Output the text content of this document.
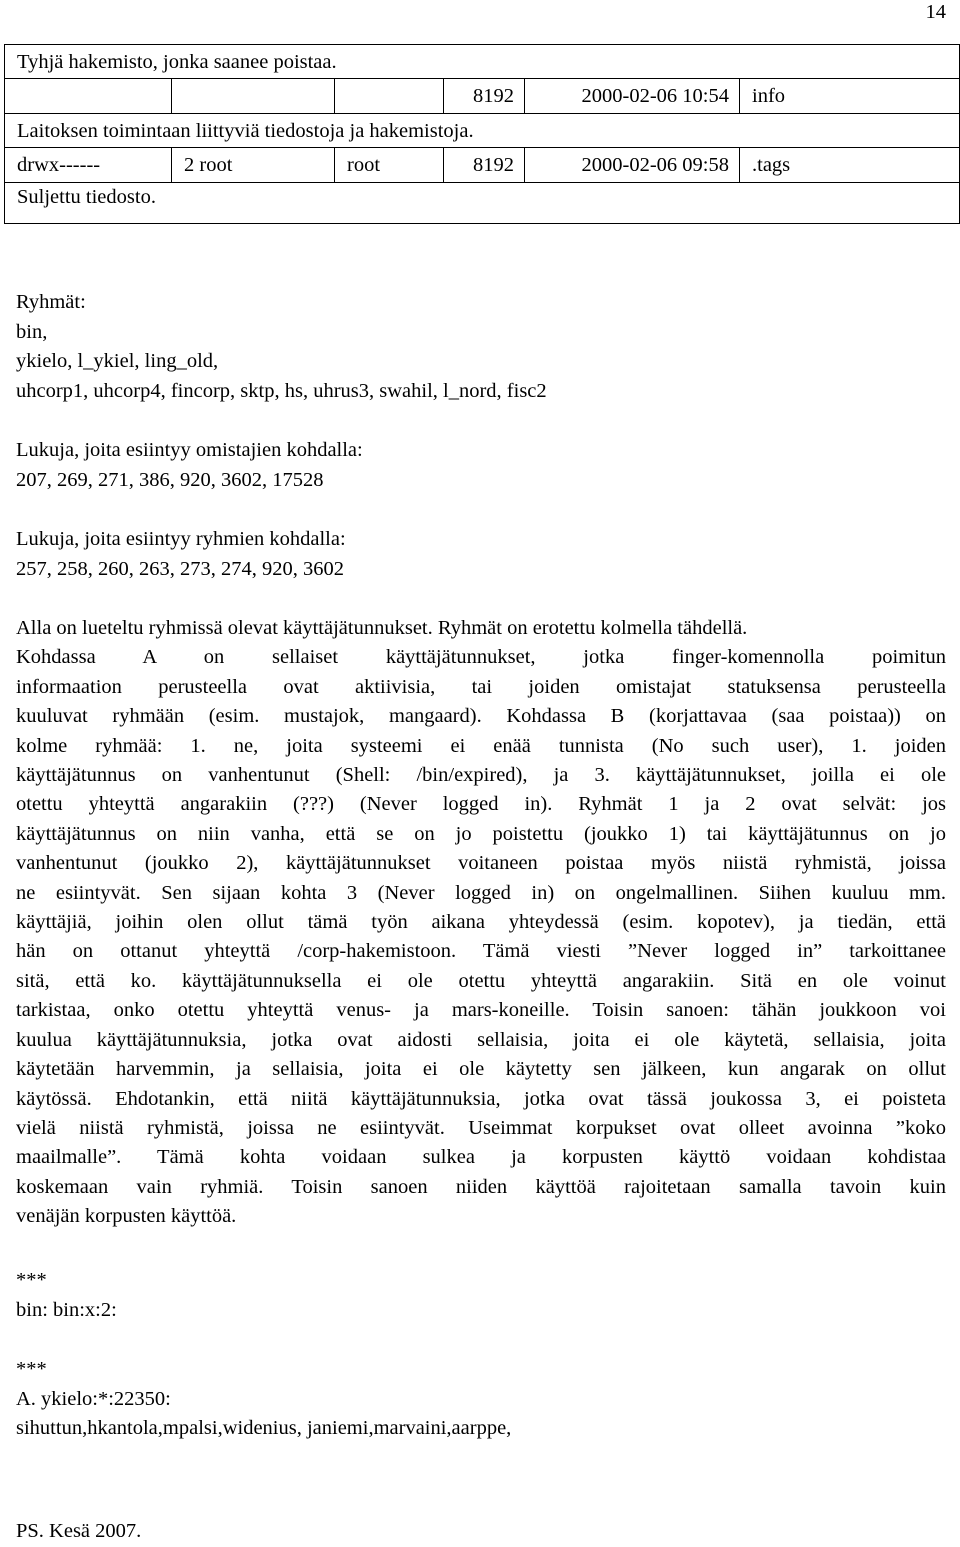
14
Tyhjä hakemisto, jonka saanee poistaa.					
			8192	2000-02-06 10:54	info
Laitoksen toimintaan liittyviä tiedostoja ja hakemistoja.					
drwx------	2 root	root	8192	2000-02-06 09:58	.tags
Suljettu tiedosto.					
Ryhmät:
bin,
ykielo, l_ykiel, ling_old,
uhcorp1, uhcorp4, fincorp, sktp, hs, uhrus3, swahil, l_nord, fisc2
Lukuja, joita esiintyy omistajien kohdalla:
207, 269, 271, 386, 920, 3602, 17528
Lukuja, joita esiintyy ryhmien kohdalla:
257, 258, 260, 263, 273, 274, 920, 3602
Alla on lueteltu ryhmissä olevat käyttäjätunnukset. Ryhmät on erotettu kolmella tähdellä.
Kohdassa A on sellaiset käyttäjätunnukset, jotka finger-komennolla poimitun
informaation perusteella ovat aktiivisia, tai joiden omistajat statuksensa perusteella
kuuluvat ryhmään (esim. mustajok, mangaard). Kohdassa B (korjattavaa (saa poistaa)) on
kolme ryhmää: 1. ne, joita systeemi ei enää tunnista (No such user), 1. joiden
käyttäjätunnus on vanhentunut (Shell: /bin/expired), ja 3. käyttäjätunnukset, joilla ei ole
otettu yhteyttä angarakiin (???) (Never logged in). Ryhmät 1 ja 2 ovat selvät: jos
käyttäjätunnus on niin vanha, että se on jo poistettu (joukko 1) tai käyttäjätunnus on jo
vanhentunut (joukko 2), käyttäjätunnukset voitaneen poistaa myös niistä ryhmistä, joissa
ne esiintyvät. Sen sijaan kohta 3 (Never logged in) on ongelmallinen. Siihen kuuluu mm.
käyttäjiä, joihin olen ollut tämä työn aikana yhteydessä (esim. kopotev), ja tiedän, että
hän on ottanut yhteyttä /corp-hakemistoon. Tämä viesti ”Never logged in” tarkoittanee
sitä, että ko. käyttäjätunnuksella ei ole otettu yhteyttä angarakiin. Sitä en ole voinut
tarkistaa, onko otettu yhteyttä venus- ja mars-koneille. Toisin sanoen: tähän joukkoon voi
kuulua käyttäjätunnuksia, jotka ovat aidosti sellaisia, joita ei ole käytetä, sellaisia, joita
käytetään harvemmin, ja sellaisia, joita ei ole käytetty sen jälkeen, kun angarak on ollut
käytössä. Ehdotankin, että niitä käyttäjätunnuksia, jotka ovat tässä joukossa 3, ei poisteta
vielä niistä ryhmistä, joissa ne esiintyvät. Useimmat korpukset ovat olleet avoinna ”koko
maailmalle”. Tämä kohta voidaan sulkea ja korpusten käyttö voidaan kohdistaa
koskemaan vain ryhmiä. Toisin sanoen niiden käyttöä rajoitetaan samalla tavoin kuin
venäjän korpusten käyttöä.
***
bin: bin:x:2:
***
A. ykielo:*:22350:
sihuttun,hkantola,mpalsi,widenius, janiemi,marvaini,aarppe,
PS. Kesä 2007.
